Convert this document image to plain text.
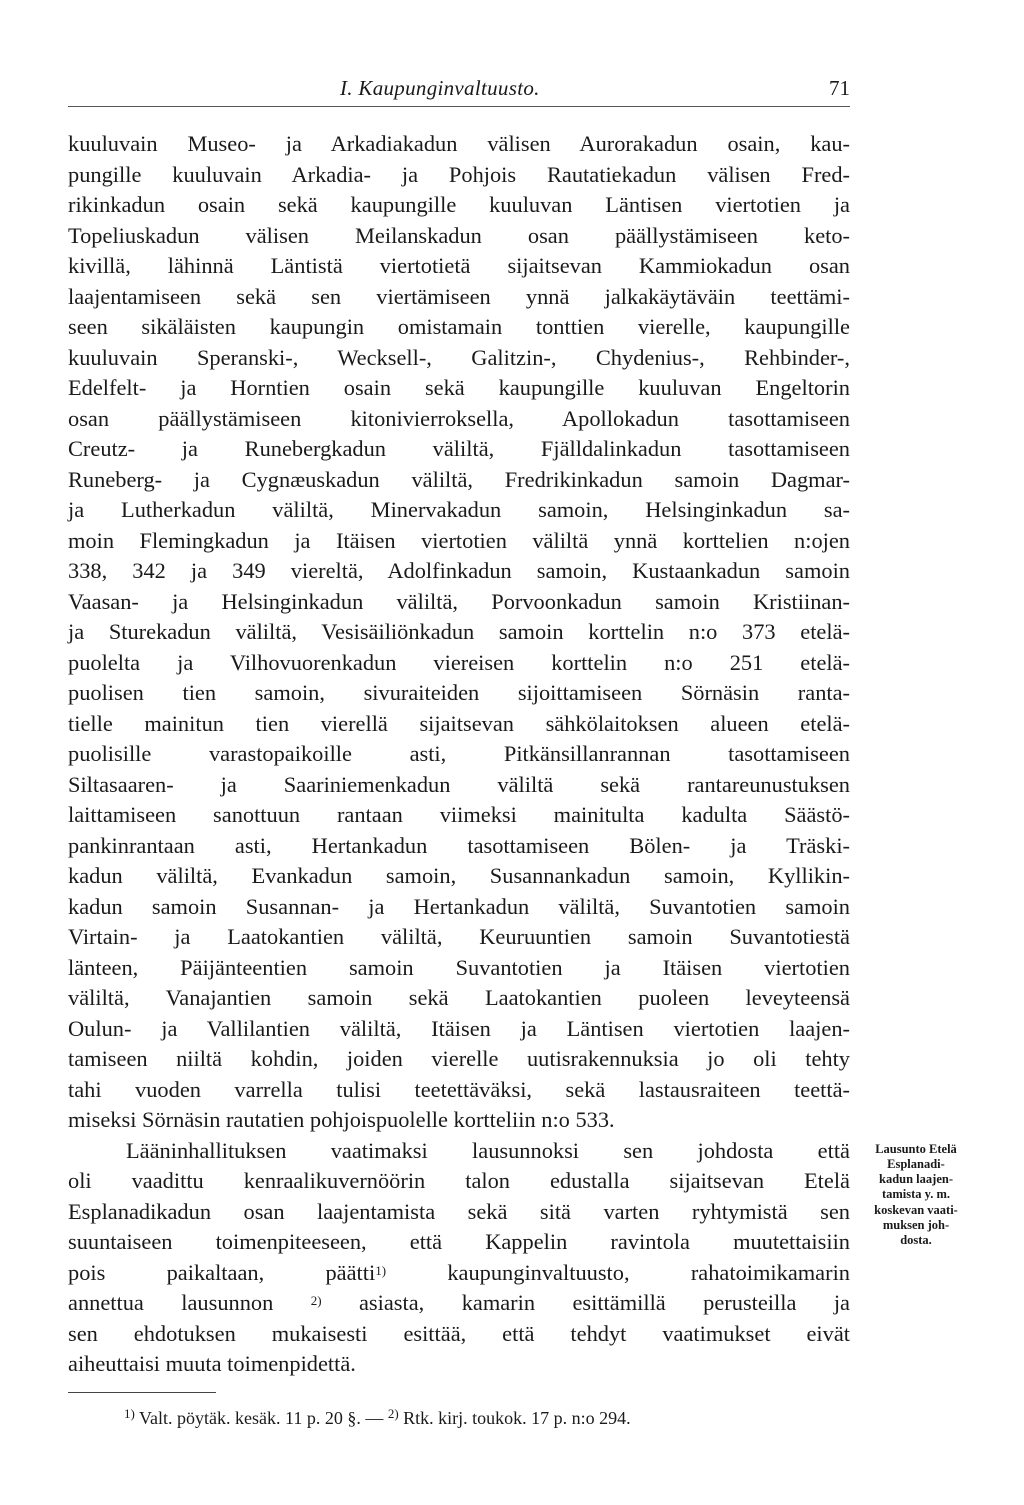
I. Kaupunginvaltuusto.	71
kuuluvain Museo- ja Arkadiakadun välisen Aurorakadun osain, kau-
pungille kuuluvain Arkadia- ja Pohjois Rautatiekadun välisen Fred-
rikinkadun osain sekä kaupungille kuuluvan Läntisen viertotien ja
Topeliuskadun välisen Meilanskadun osan päällystämiseen keto-
kivillä, lähinnä Läntistä viertotietä sijaitsevan Kammiokadun osan
laajentamiseen sekä sen viertämiseen ynnä jalkakäytäväin teettämi-
seen sikäläisten kaupungin omistamain tonttien vierelle, kaupungille
kuuluvain Speranski-, Wecksell-, Galitzin-, Chydenius-, Rehbinder-,
Edelfelt- ja Horntien osain sekä kaupungille kuuluvan Engeltorin
osan päällystämiseen kitonivierroksella, Apollokadun tasottamiseen
Creutz- ja Runebergkadun väliltä, Fjälldalinkadun tasottamiseen
Runeberg- ja Cygnæuskadun väliltä, Fredrikinkadun samoin Dagmar-
ja Lutherkadun väliltä, Minervakadun samoin, Helsinginkadun sa-
moin Flemingkadun ja Itäisen viertotien väliltä ynnä korttelien n:ojen
338, 342 ja 349 viereltä, Adolfinkadun samoin, Kustaankadun samoin
Vaasan- ja Helsinginkadun väliltä, Porvoonkadun samoin Kristiinan-
ja Sturekadun väliltä, Vesisäiliönkadun samoin korttelin n:o 373 etelä-
puolelta ja Vilhovuorenkadun viereisen korttelin n:o 251 etelä-
puolisen tien samoin, sivuraiteiden sijoittamiseen Sörnäsin ranta-
tielle mainitun tien vierellä sijaitsevan sähkölaitoksen alueen etelä-
puolisille varastopaikoille asti, Pitkänsillanrannan tasottamiseen
Siltasaaren- ja Saariniemenkadun väliltä sekä rantareunustuksen
laittamiseen sanottuun rantaan viimeksi mainitulta kadulta Säästö-
pankinrantaan asti, Hertankadun tasottamiseen Bölen- ja Träski-
kadun väliltä, Evankadun samoin, Susannankadun samoin, Kyllikin-
kadun samoin Susannan- ja Hertankadun väliltä, Suvantotien samoin
Virtain- ja Laatokantien väliltä, Keuruuntien samoin Suvantotiestä
länteen, Päijänteentien samoin Suvantotien ja Itäisen viertotien
väliltä, Vanajantien samoin sekä Laatokantien puoleen leveyteensä
Oulun- ja Vallilantien väliltä, Itäisen ja Läntisen viertotien laajen-
tamiseen niiltä kohdin, joiden vierelle uutisrakennuksia jo oli tehty
tahi vuoden varrella tulisi teetettäväksi, sekä lastausraiteen teettä-
miseksi Sörnäsin rautatien pohjoispuolelle kortteliin n:o 533.
Lääninhallituksen vaatimaksi lausunnoksi sen johdosta että
oli vaadittu kenraalikuvernöörin talon edustalla sijaitsevan Etelä
Esplanadikadun osan laajentamista sekä sitä varten ryhtymistä sen
suuntaiseen toimenpiteeseen, että Kappelin ravintola muutettaisiin
pois paikaltaan, päätti$^{1)}$ kaupunginvaltuusto, rahatoimikamarin
annettua lausunnon	$^{2)}$ asiasta, kamarin esittämillä perusteilla ja
sen ehdotuksen mukaisesti esittää, että tehdyt vaatimukset eivät
aiheuttaisi muuta toimenpidettä.
Lausunto Etelä
Esplanadi-
kadun laajen-
tamista y. m.
koskevan vaati-
muksen joh-
dosta.
$^{1)}$ Valt. pöytäk. kesäk. 11 p. 20 §. — $^{2)}$ Rtk. kirj. toukok. 17 p. n:o 294.
